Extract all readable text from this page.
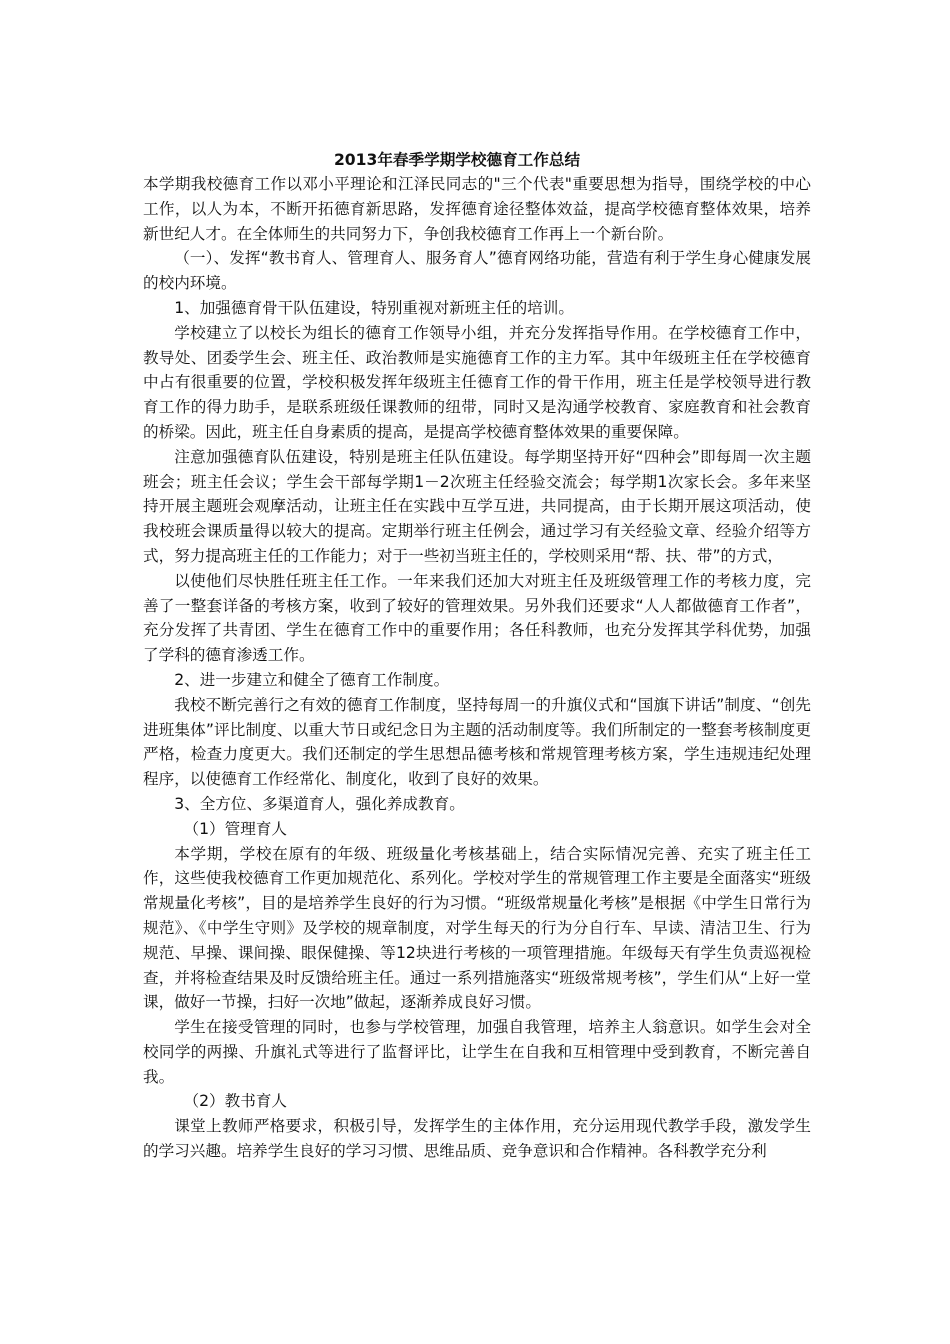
2013年春季学期学校德育工作总结

本学期我校德育工作以邓小平理论和江泽民同志的"三个代表"重要思想为指导，围绕学校的中心工作，以人为本，不断开拓德育新思路，发挥德育途径整体效益，提高学校德育整体效果，培养新世纪人才。在全体师生的共同努力下，争创我校德育工作再上一个新台阶。

（一）、发挥“教书育人、管理育人、服务育人”德育网络功能，营造有利于学生身心健康发展的校内环境。

1、加强德育骨干队伍建设，特别重视对新班主任的培训。

学校建立了以校长为组长的德育工作领导小组，并充分发挥指导作用。在学校德育工作中，教导处、团委学生会、班主任、政治教师是实施德育工作的主力军。其中年级班主任在学校德育中占有很重要的位置，学校积极发挥年级班主任德育工作的骨干作用，班主任是学校领导进行教育工作的得力助手，是联系班级任课教师的纽带，同时又是沟通学校教育、家庭教育和社会教育的桥梁。因此，班主任自身素质的提高，是提高学校德育整体效果的重要保障。

注意加强德育队伍建设，特别是班主任队伍建设。每学期坚持开好“四种会”即每周一次主题班会；班主任会议；学生会干部每学期1－2次班主任经验交流会；每学期1次家长会。多年来坚持开展主题班会观摩活动，让班主任在实践中互学互进，共同提高，由于长期开展这项活动，使我校班会课质量得以较大的提高。定期举行班主任例会，通过学习有关经验文章、经验介绍等方式，努力提高班主任的工作能力；对于一些初当班主任的，学校则采用“帮、扶、带”的方式，

以使他们尽快胜任班主任工作。一年来我们还加大对班主任及班级管理工作的考核力度，完善了一整套详备的考核方案，收到了较好的管理效果。另外我们还要求“人人都做德育工作者”，充分发挥了共青团、学生在德育工作中的重要作用；各任科教师，也充分发挥其学科优势，加强了学科的德育渗透工作。

2、进一步建立和健全了德育工作制度。

我校不断完善行之有效的德育工作制度，坚持每周一的升旗仪式和“国旗下讲话”制度、“创先进班集体”评比制度、以重大节日或纪念日为主题的活动制度等。我们所制定的一整套考核制度更严格，检查力度更大。我们还制定的学生思想品德考核和常规管理考核方案，学生违规违纪处理程序，以使德育工作经常化、制度化，收到了良好的效果。

3、全方位、多渠道育人，强化养成教育。

（1）管理育人

本学期，学校在原有的年级、班级量化考核基础上，结合实际情况完善、充实了班主任工作，这些使我校德育工作更加规范化、系列化。学校对学生的常规管理工作主要是全面落实“班级常规量化考核”，目的是培养学生良好的行为习惯。“班级常规量化考核”是根据《中学生日常行为规范》、《中学生守则》及学校的规章制度，对学生每天的行为分自行车、早读、清洁卫生、行为规范、早操、课间操、眼保健操、等12块进行考核的一项管理措施。年级每天有学生负责巡视检查，并将检查结果及时反馈给班主任。通过一系列措施落实“班级常规考核”，学生们从“上好一堂课，做好一节操，扫好一次地”做起，逐渐养成良好习惯。

学生在接受管理的同时，也参与学校管理，加强自我管理，培养主人翁意识。如学生会对全校同学的两操、升旗礼式等进行了监督评比，让学生在自我和互相管理中受到教育，不断完善自我。

（2）教书育人

课堂上教师严格要求，积极引导，发挥学生的主体作用，充分运用现代教学手段，激发学生的学习兴趣。培养学生良好的学习习惯、思维品质、竞争意识和合作精神。各科教学充分利
